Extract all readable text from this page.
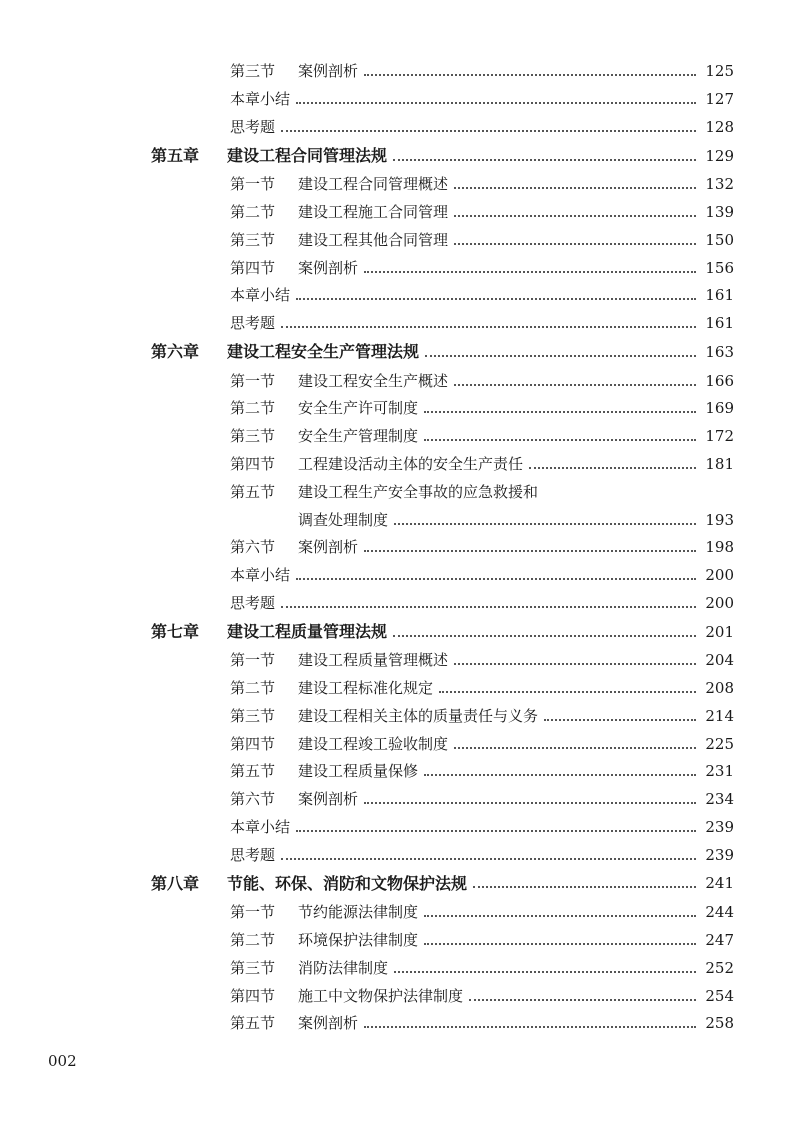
第三节	案例剖析	125
本章小结	127
思考题	128
第五章	建设工程合同管理法规	129
第一节	建设工程合同管理概述	132
第二节	建设工程施工合同管理	139
第三节	建设工程其他合同管理	150
第四节	案例剖析	156
本章小结	161
思考题	161
第六章	建设工程安全生产管理法规	163
第一节	建设工程安全生产概述	166
第二节	安全生产许可制度	169
第三节	安全生产管理制度	172
第四节	工程建设活动主体的安全生产责任	181
第五节	建设工程生产安全事故的应急救援和
调查处理制度	193
第六节	案例剖析	198
本章小结	200
思考题	200
第七章	建设工程质量管理法规	201
第一节	建设工程质量管理概述	204
第二节	建设工程标准化规定	208
第三节	建设工程相关主体的质量责任与义务	214
第四节	建设工程竣工验收制度	225
第五节	建设工程质量保修	231
第六节	案例剖析	234
本章小结	239
思考题	239
第八章	节能、环保、消防和文物保护法规	241
第一节	节约能源法律制度	244
第二节	环境保护法律制度	247
第三节	消防法律制度	252
第四节	施工中文物保护法律制度	254
第五节	案例剖析	258
002
